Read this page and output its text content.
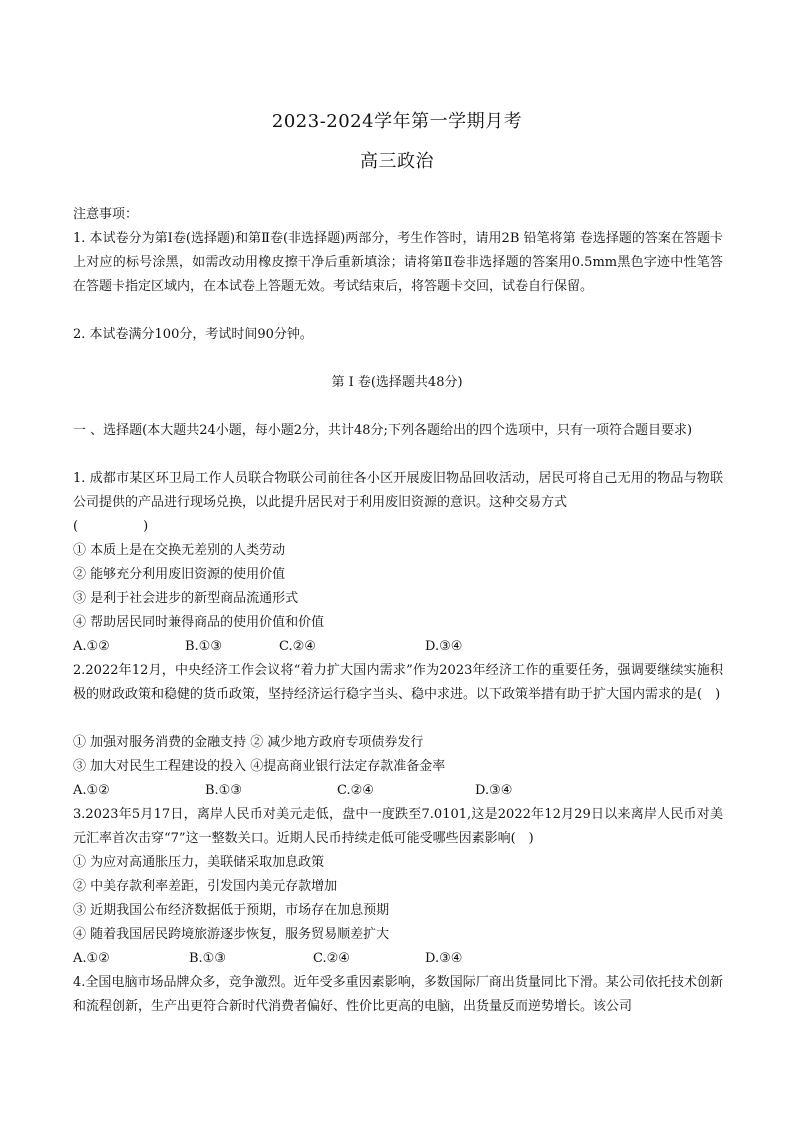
2023-2024学年第一学期月考
高三政治
注意事项：
1. 本试卷分为第Ⅰ卷(选择题)和第Ⅱ卷(非选择题)两部分，考生作答时，请用2B 铅笔将第 卷选择题的答案在答题卡上对应的标号涂黑，如需改动用橡皮擦干净后重新填涂；请将第Ⅱ卷非选择题的答案用0.5mm黑色字迹中性笔答在答题卡指定区域内，在本试卷上答题无效。考试结束后，将答题卡交回，试卷自行保留。
2. 本试卷满分100分，考试时间90分钟。
第 Ⅰ 卷(选择题共48分)
一 、选择题(本大题共24小题，每小题2分，共计48分;下列各题给出的四个选项中，只有一项符合题目要求)
1. 成都市某区环卫局工作人员联合物联公司前往各小区开展废旧物品回收活动，居民可将自己无用的物品与物联公司提供的产品进行现场兑换，以此提升居民对于利用废旧资源的意识。这种交易方式
(　　　　　)
① 本质上是在交换无差别的人类劳动
② 能够充分利用废旧资源的使用价值
③ 是利于社会进步的新型商品流通形式
④ 帮助居民同时兼得商品的使用价值和价值
A.①②	B.①③	C.②④	D.③④
2.2022年12月，中央经济工作会议将“着力扩大国内需求”作为2023年经济工作的重要任务，强调要继续实施积极的财政政策和稳健的货币政策，坚持经济运行稳字当头、稳中求进。以下政策举措有助于扩大国内需求的是(　)
① 加强对服务消费的金融支持 ② 减少地方政府专项债券发行
③ 加大对民生工程建设的投入 ④提高商业银行法定存款准备金率
A.①②	B.①③	C.②④	D.③④
3.2023年5月17日，离岸人民币对美元走低，盘中一度跌至7.0101,这是2022年12月29日以来离岸人民币对美元汇率首次击穿“7”这一整数关口。近期人民币持续走低可能受哪些因素影响(　)
① 为应对高通胀压力，美联储采取加息政策
② 中美存款利率差距，引发国内美元存款增加
③ 近期我国公布经济数据低于预期，市场存在加息预期
④ 随着我国居民跨境旅游逐步恢复，服务贸易顺差扩大
A.①②	B.①③	C.②④	D.③④
4.全国电脑市场品牌众多，竞争激烈。近年受多重因素影响，多数国际厂商出货量同比下滑。某公司依托技术创新和流程创新，生产出更符合新时代消费者偏好、性价比更高的电脑，出货量反而逆势增长。该公司
